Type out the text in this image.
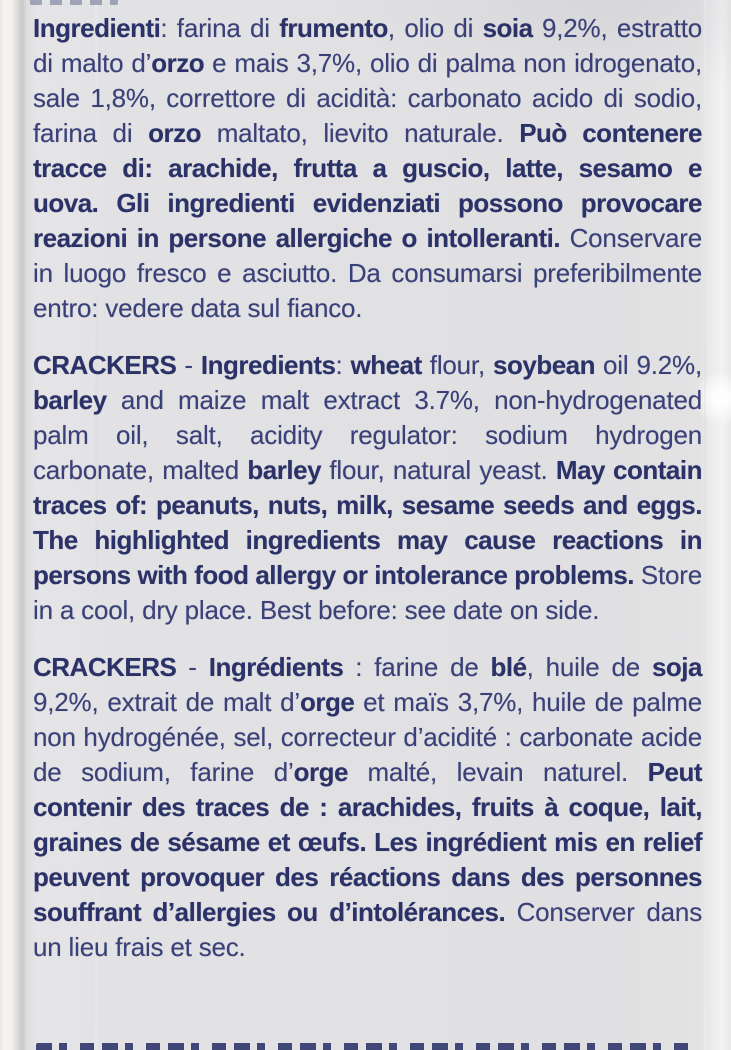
Ingredienti: farina di frumento, olio di soia 9,2%, estratto di malto d’orzo e mais 3,7%, olio di palma non idrogenato, sale 1,8%, correttore di acidità: carbonato acido di sodio, farina di orzo maltato, lievito naturale. Può contenere tracce di: arachide, frutta a guscio, latte, sesamo e uova. Gli ingredienti evidenziati possono provocare reazioni in persone allergiche o intolleranti. Conservare in luogo fresco e asciutto. Da consumarsi preferibilmente entro: vedere data sul fianco.

CRACKERS - Ingredients: wheat flour, soybean oil 9.2%, barley and maize malt extract 3.7%, non-hydrogenated palm oil, salt, acidity regulator: sodium hydrogen carbonate, malted barley flour, natural yeast. May contain traces of: peanuts, nuts, milk, sesame seeds and eggs. The highlighted ingredients may cause reactions in persons with food allergy or intolerance problems. Store in a cool, dry place. Best before: see date on side.

CRACKERS - Ingrédients : farine de blé, huile de soja 9,2%, extrait de malt d’orge et maïs 3,7%, huile de palme non hydrogénée, sel, correcteur d’acidité : carbonate acide de sodium, farine d’orge malté, levain naturel. Peut contenir des traces de : arachides, fruits à coque, lait, graines de sésame et œufs. Les ingrédient mis en relief peuvent provoquer des réactions dans des personnes souffrant d’allergies ou d’intolérances. Conserver dans un lieu frais et sec.
